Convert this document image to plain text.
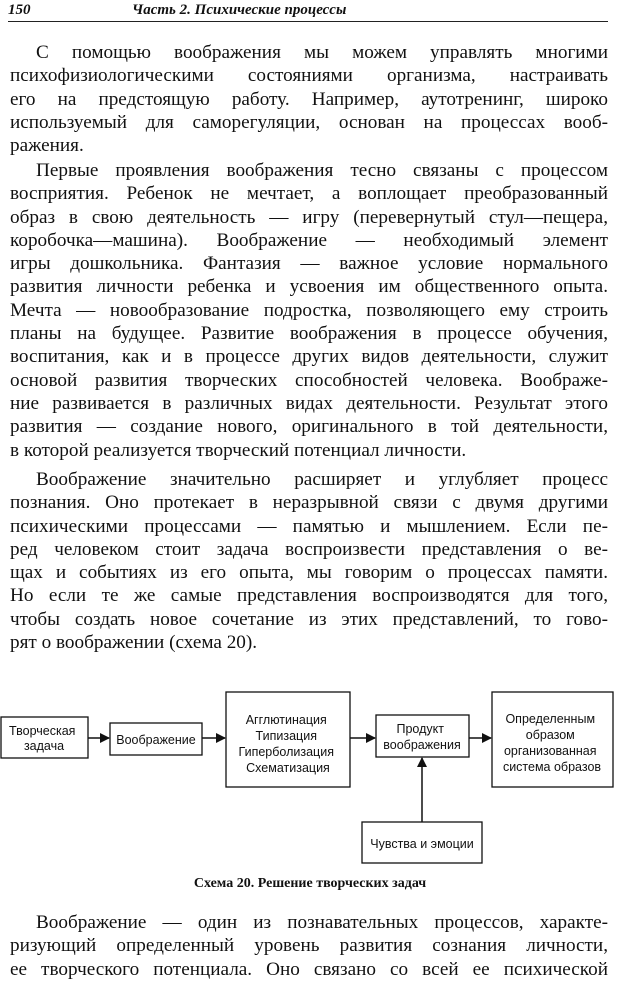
150	Часть 2. Психические процессы
С помощью воображения мы можем управлять многими
психофизиологическими состояниями организма, настраивать
его на предстоящую работу. Например, аутотренинг, широко
используемый для саморегуляции, основан на процессах вооб-
ражения.
Первые проявления воображения тесно связаны с процессом
восприятия. Ребенок не мечтает, а воплощает преобразованный
образ в свою деятельность — игру (перевернутый стул—пещера,
коробочка—машина). Воображение — необходимый элемент
игры дошкольника. Фантазия — важное условие нормального
развития личности ребенка и усвоения им общественного опыта.
Мечта — новообразование подростка, позволяющего ему строить
планы на будущее. Развитие воображения в процессе обучения,
воспитания, как и в процессе других видов деятельности, служит
основой развития творческих способностей человека. Воображе-
ние развивается в различных видах деятельности. Результат этого
развития — создание нового, оригинального в той деятельности,
в которой реализуется творческий потенциал личности.
Воображение значительно расширяет и углубляет процесс
познания. Оно протекает в неразрывной связи с двумя другими
психическими процессами — памятью и мышлением. Если пе-
ред человеком стоит задача воспроизвести представления о ве-
щах и событиях из его опыта, мы говорим о процессах памяти.
Но если те же самые представления воспроизводятся для того,
чтобы создать новое сочетание из этих представлений, то гово-
рят о воображении (схема 20).
Творческая задача	Воображение
Агглютинация Типизация Гиперболизация Схематизация
Продукт воображения
Определенным образом организованная система образов
Чувства и эмоции
Схема 20. Решение творческих задач
Воображение — один из познавательных процессов, характе-
ризующий определенный уровень развития сознания личности,
ее творческого потенциала. Оно связано со всей ее психической
